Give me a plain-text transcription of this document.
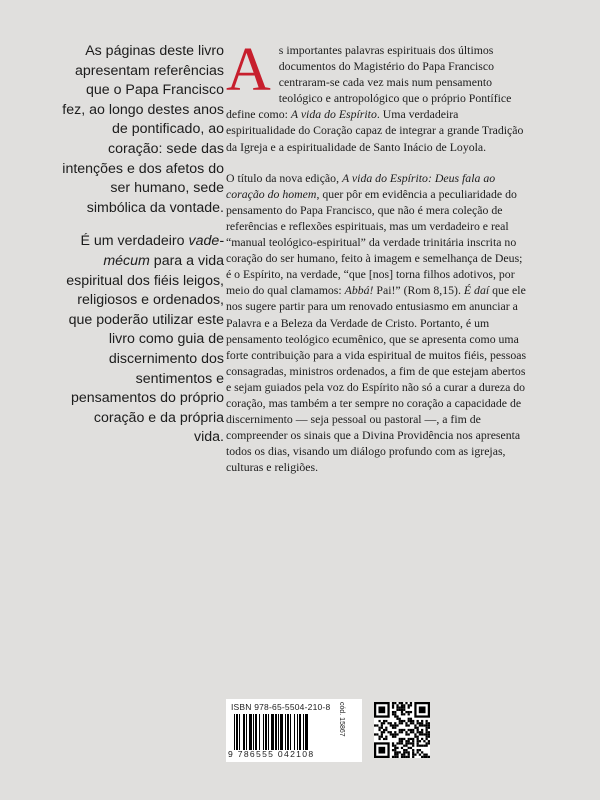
As páginas deste livro apresentam referências que o Papa Francisco fez, ao longo destes anos de pontificado, ao coração: sede das intenções e dos afetos do ser humano, sede simbólica da vontade.

É um verdadeiro vade-mécum para a vida espiritual dos fiéis leigos, religiosos e ordenados, que poderão utilizar este livro como guia de discernimento dos sentimentos e pensamentos do próprio coração e da própria vida.

As importantes palavras espirituais dos últimos documentos do Magistério do Papa Francisco centraram-se cada vez mais num pensamento teológico e antropológico que o próprio Pontífice define como: A vida do Espírito. Uma verdadeira espiritualidade do Coração capaz de integrar a grande Tradição da Igreja e a espiritualidade de Santo Inácio de Loyola.

O título da nova edição, A vida do Espírito: Deus fala ao coração do homem, quer pôr em evidência a peculiaridade do pensamento do Papa Francisco, que não é mera coleção de referências e reflexões espirituais, mas um verdadeiro e real “manual teológico-espiritual” da verdade trinitária inscrita no coração do ser humano, feito à imagem e semelhança de Deus; é o Espírito, na verdade, “que [nos] torna filhos adotivos, por meio do qual clamamos: Abbá! Pai!” (Rom 8,15). É daí que ele nos sugere partir para um renovado entusiasmo em anunciar a Palavra e a Beleza da Verdade de Cristo. Portanto, é um pensamento teológico ecumênico, que se apresenta como uma forte contribuição para a vida espiritual de muitos fiéis, pessoas consagradas, ministros ordenados, a fim de que estejam abertos e sejam guiados pela voz do Espírito não só a curar a dureza do coração, mas também a ter sempre no coração a capacidade de discernimento — seja pessoal ou pastoral —, a fim de compreender os sinais que a Divina Providência nos apresenta todos os dias, visando um diálogo profundo com as igrejas, culturas e religiões.

ISBN 978-65-5504-210-8
9 786555 042108
cód. 15867
